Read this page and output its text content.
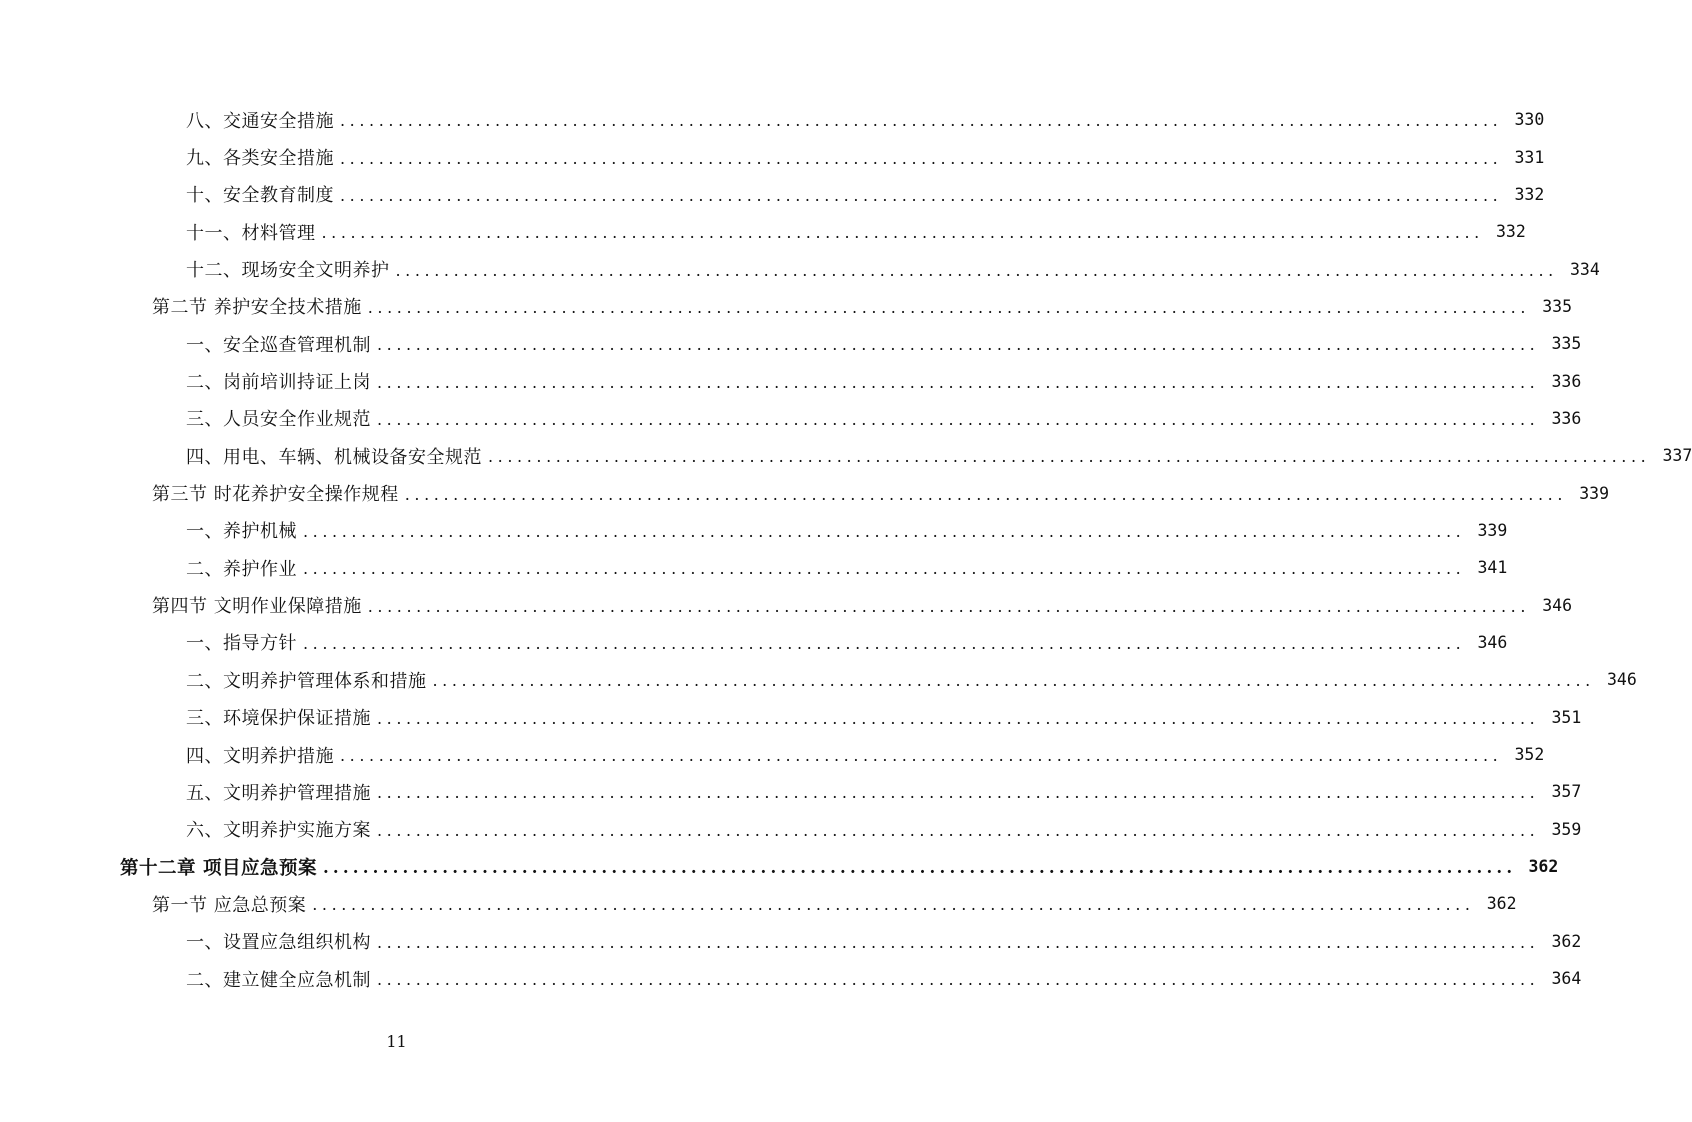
八、交通安全措施 ........................................................................................................................ 330
九、各类安全措施 ........................................................................................................................ 331
十、安全教育制度 ........................................................................................................................ 332
十一、材料管理 ........................................................................................................................ 332
十二、现场安全文明养护 ........................................................................................................................ 334
第二节 养护安全技术措施 ........................................................................................................................ 335
一、安全巡查管理机制 ........................................................................................................................ 335
二、岗前培训持证上岗 ........................................................................................................................ 336
三、人员安全作业规范 ........................................................................................................................ 336
四、用电、车辆、机械设备安全规范 ........................................................................................................................ 337
第三节 时花养护安全操作规程 ........................................................................................................................ 339
一、养护机械 ........................................................................................................................ 339
二、养护作业 ........................................................................................................................ 341
第四节 文明作业保障措施 ........................................................................................................................ 346
一、指导方针 ........................................................................................................................ 346
二、文明养护管理体系和措施 ........................................................................................................................ 346
三、环境保护保证措施 ........................................................................................................................ 351
四、文明养护措施 ........................................................................................................................ 352
五、文明养护管理措施 ........................................................................................................................ 357
六、文明养护实施方案 ........................................................................................................................ 359
第十二章 项目应急预案 ........................................................................................................................ 362
第一节 应急总预案 ........................................................................................................................ 362
一、设置应急组织机构 ........................................................................................................................ 362
二、建立健全应急机制 ........................................................................................................................ 364
11
